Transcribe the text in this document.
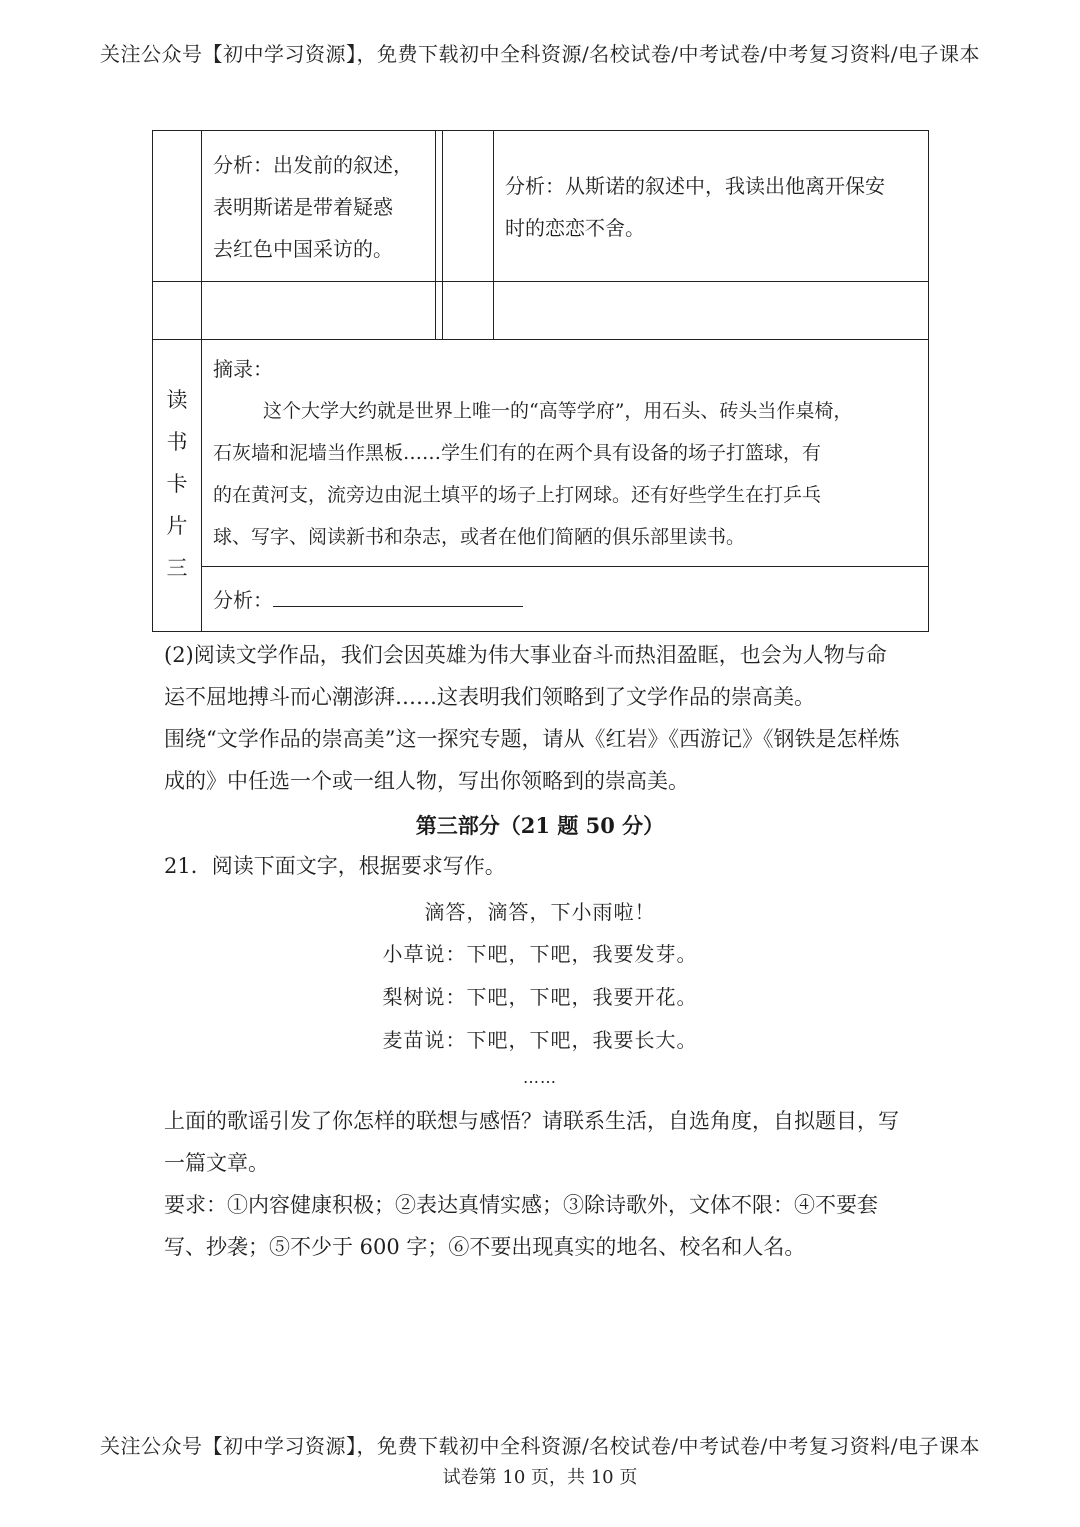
关注公众号【初中学习资源】，免费下载初中全科资源/名校试卷/中考试卷/中考复习资料/电子课本
分析：出发前的叙述，
表明斯诺是带着疑惑
去红色中国采访的。
分析：从斯诺的叙述中，我读出他离开保安
时的恋恋不舍。
读
书
卡
片
三
摘录：
这个大学大约就是世界上唯一的“高等学府”，用石头、砖头当作桌椅，
石灰墙和泥墙当作黑板……学生们有的在两个具有设备的场子打篮球，有
的在黄河支，流旁边由泥土填平的场子上打网球。还有好些学生在打乒乓
球、写字、阅读新书和杂志，或者在他们简陋的俱乐部里读书。
分析：
(2)阅读文学作品，我们会因英雄为伟大事业奋斗而热泪盈眶，也会为人物与命
运不屈地搏斗而心潮澎湃……这表明我们领略到了文学作品的崇高美。
围绕“文学作品的崇高美”这一探究专题，请从《红岩》《西游记》《钢铁是怎样炼
成的》中任选一个或一组人物，写出你领略到的崇高美。
第三部分（21 题 50 分）
21．阅读下面文字，根据要求写作。
滴答，滴答，下小雨啦！
小草说：下吧，下吧，我要发芽。
梨树说：下吧，下吧，我要开花。
麦苗说：下吧，下吧，我要长大。
……
上面的歌谣引发了你怎样的联想与感悟？请联系生活，自选角度，自拟题目，写
一篇文章。
要求：①内容健康积极；②表达真情实感；③除诗歌外，文体不限：④不要套
写、抄袭；⑤不少于 600 字；⑥不要出现真实的地名、校名和人名。
关注公众号【初中学习资源】，免费下载初中全科资源/名校试卷/中考试卷/中考复习资料/电子课本
试卷第 10 页，共 10 页
